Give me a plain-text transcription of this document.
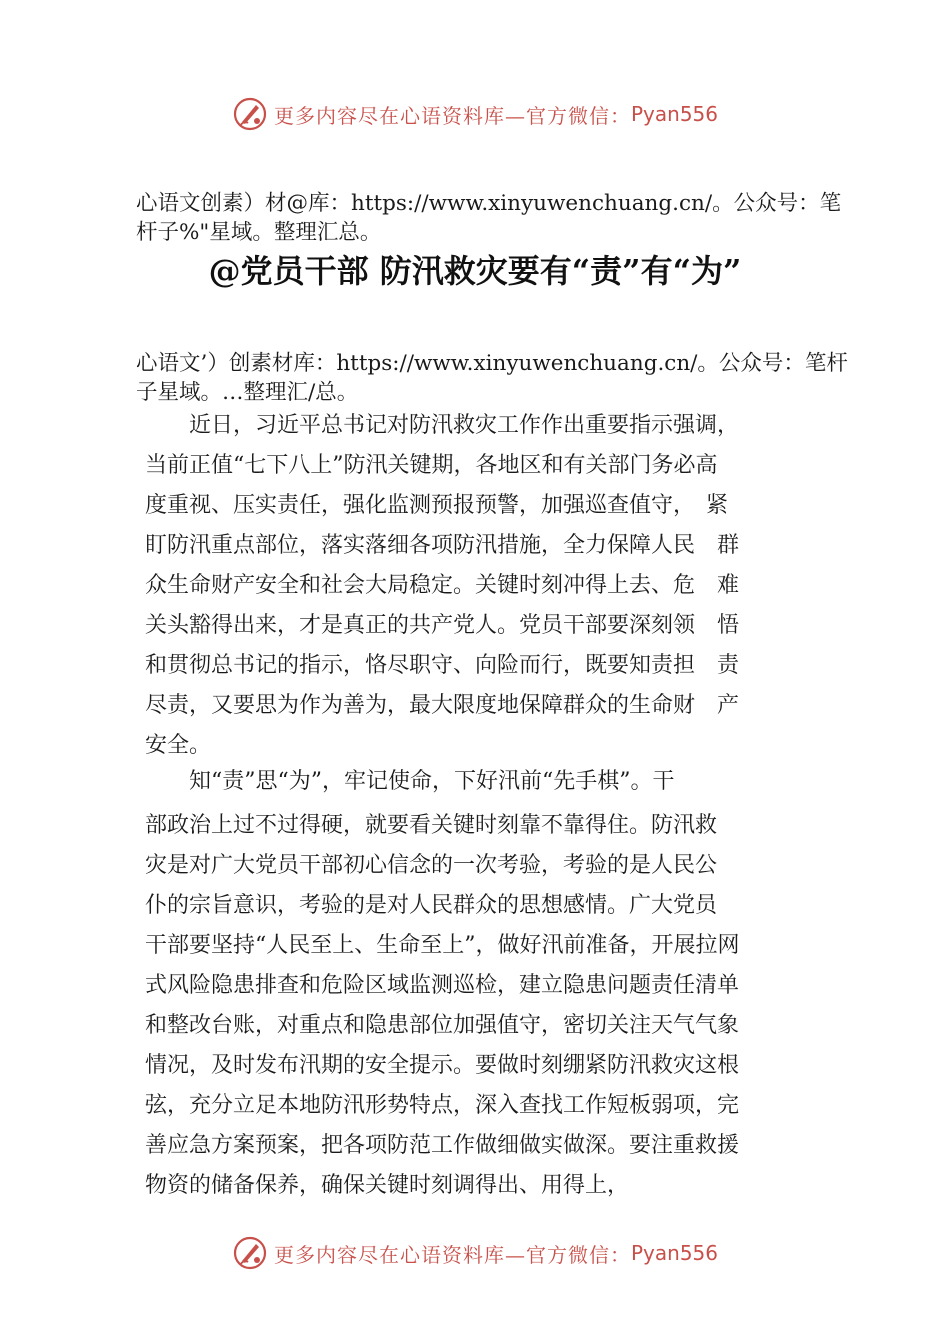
更多内容尽在心语资料库—官方微信： Pyan556
心语文创素）材@库：https://www.xinyuwenchuang.cn/。公众号：笔杆子%"星域。整理汇总。
@党员干部 防汛救灾要有“责”有“为”
心语文’）创素材库：https://www.xinyuwenchuang.cn/。公众号：笔杆子星域。…整理汇/总。
　　近日，习近平总书记对防汛救灾工作作出重要指示强调，
当前正值“七下八上”防汛关键期，各地区和有关部门务必高
度重视、压实责任，强化监测预报预警，加强巡查值守，　紧
盯防汛重点部位，落实落细各项防汛措施，全力保障人民　群
众生命财产安全和社会大局稳定。关键时刻冲得上去、危　难
关头豁得出来，才是真正的共产党人。党员干部要深刻领　悟
和贯彻总书记的指示，恪尽职守、向险而行，既要知责担　责
尽责，又要思为作为善为，最大限度地保障群众的生命财　产
安全。
　　知“责”思“为”，牢记使命，下好汛前“先手棋”。干
部政治上过不过得硬，就要看关键时刻靠不靠得住。防汛救
灾是对广大党员干部初心信念的一次考验，考验的是人民公
仆的宗旨意识，考验的是对人民群众的思想感情。广大党员
干部要坚持“人民至上、生命至上”，做好汛前准备，开展拉网
式风险隐患排查和危险区域监测巡检，建立隐患问题责任清单
和整改台账，对重点和隐患部位加强值守，密切关注天气气象
情况，及时发布汛期的安全提示。要做时刻绷紧防汛救灾这根
弦，充分立足本地防汛形势特点，深入查找工作短板弱项，完
善应急方案预案，把各项防范工作做细做实做深。要注重救援
物资的储备保养，确保关键时刻调得出、用得上，
更多内容尽在心语资料库—官方微信： Pyan556
